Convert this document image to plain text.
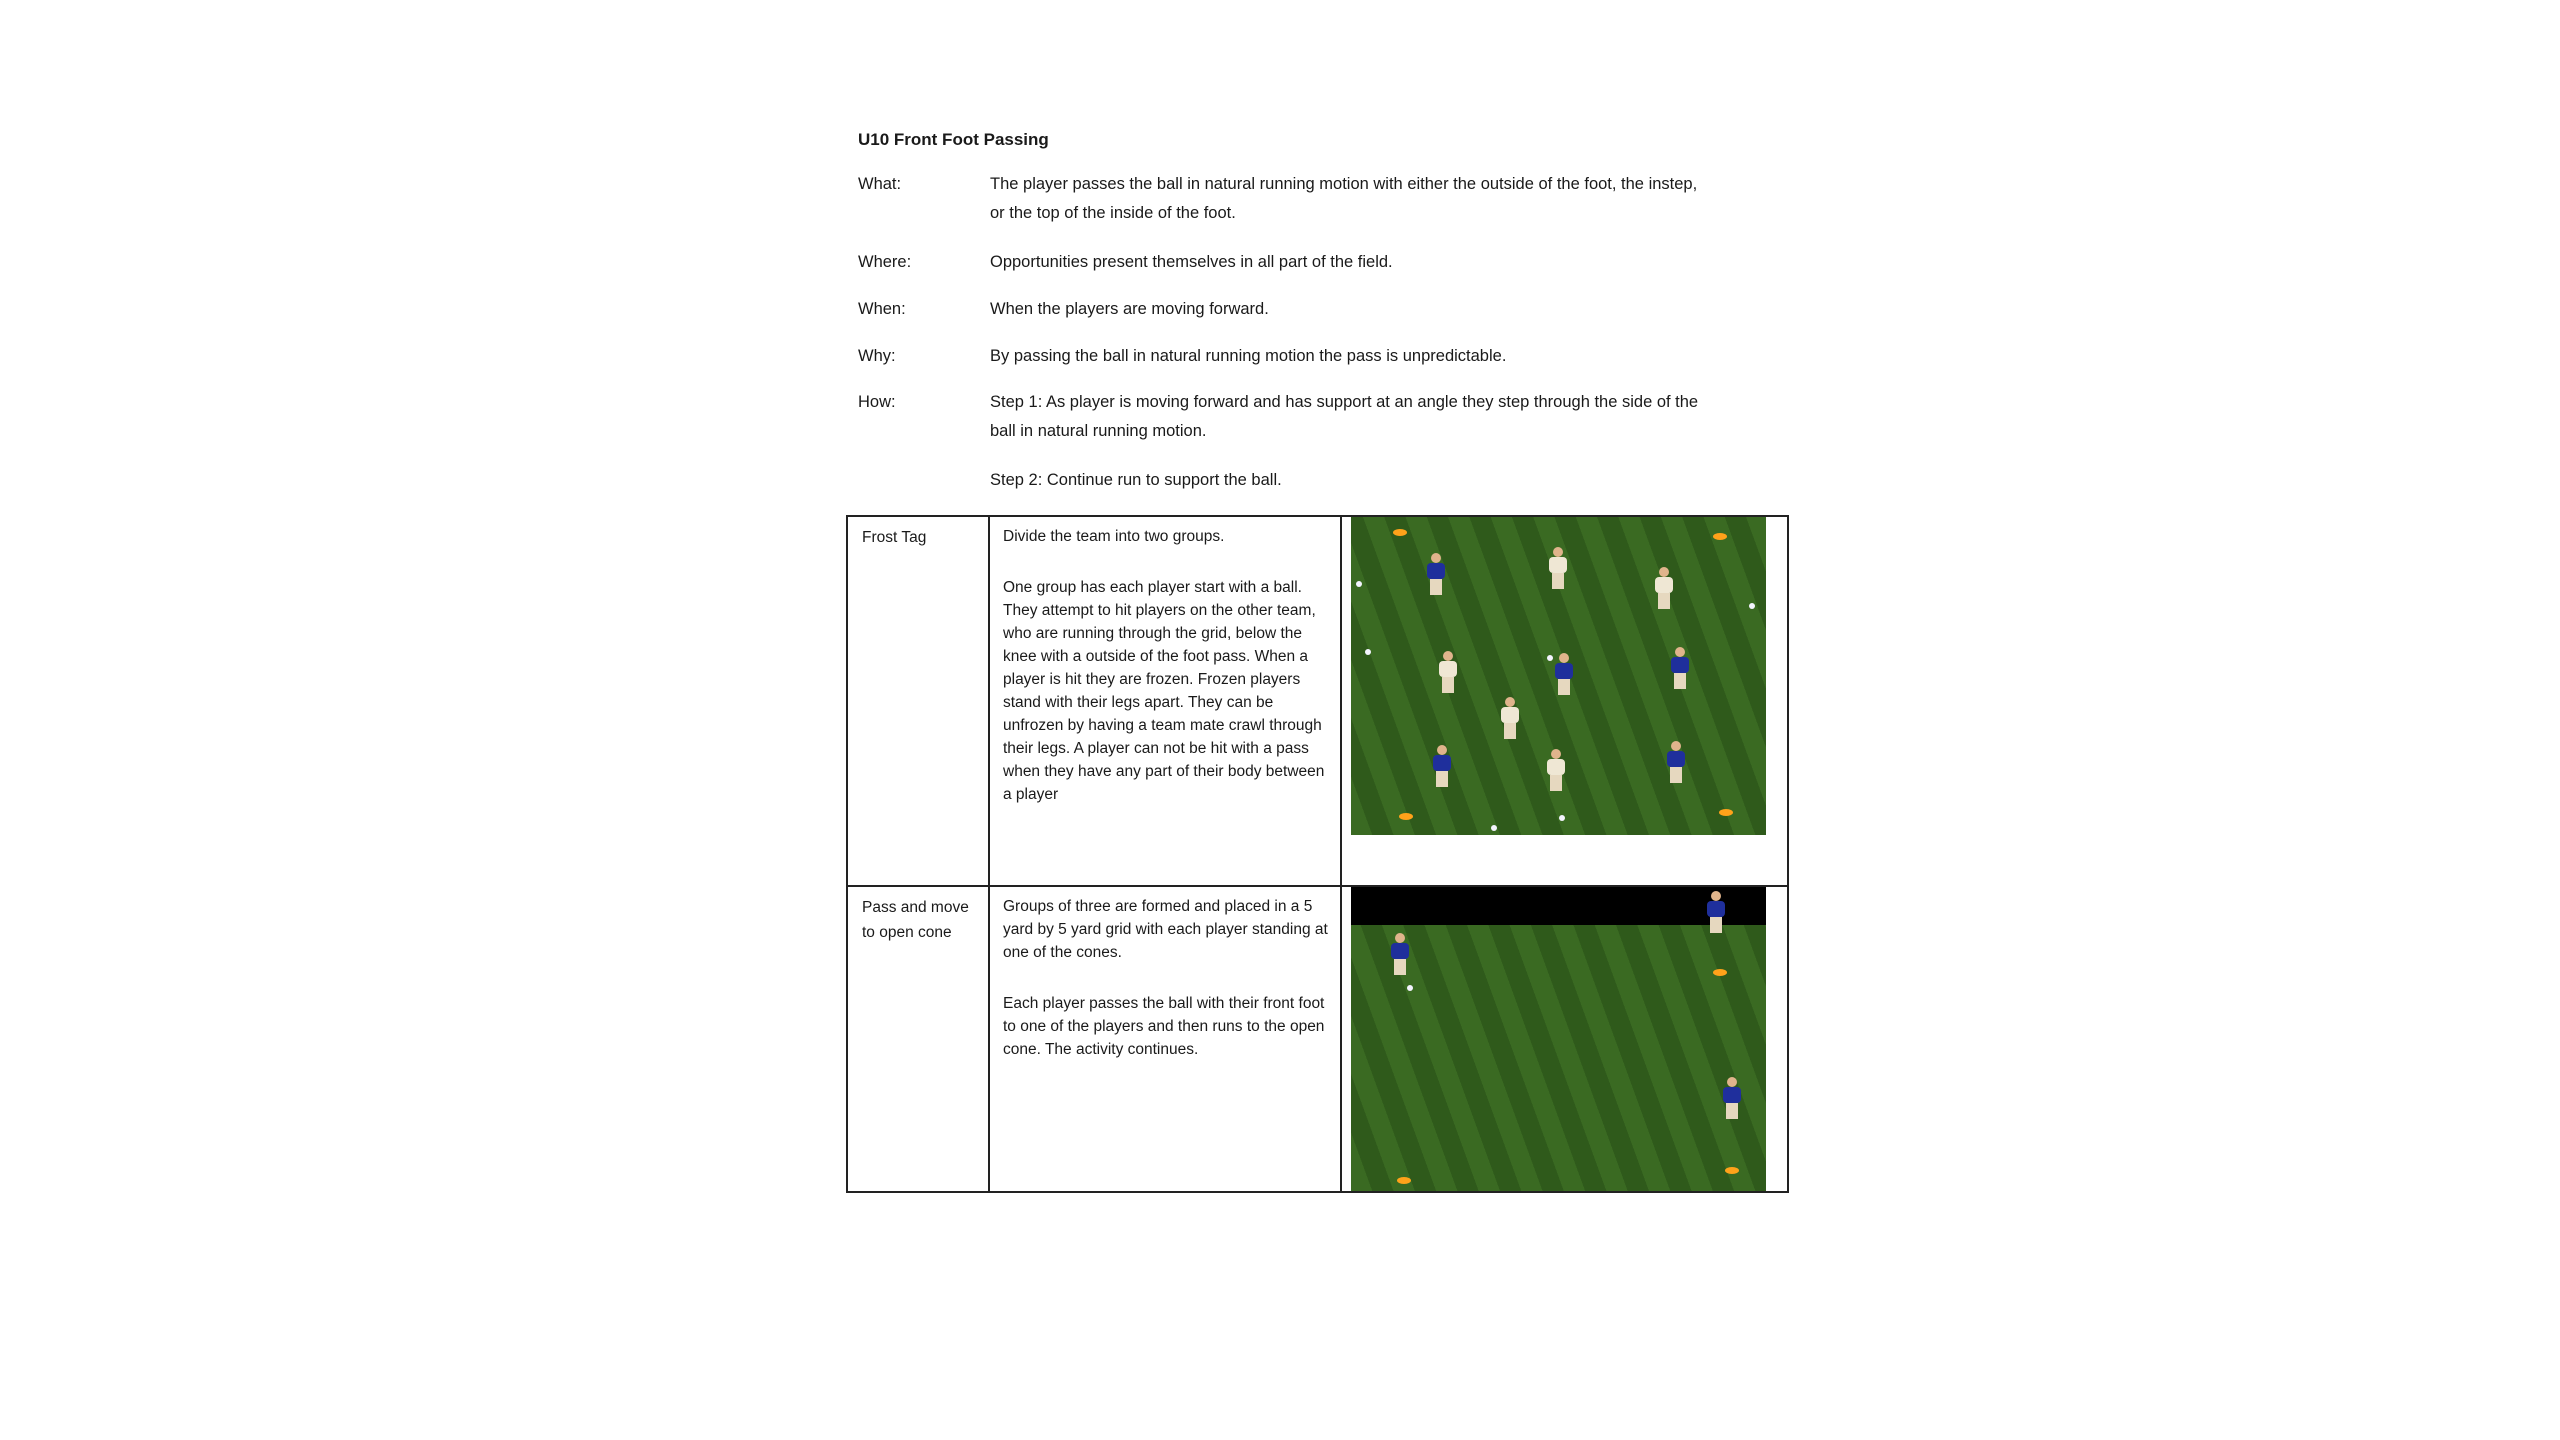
U10 Front Foot Passing
What:	The player passes the ball in natural running motion with either the outside of the foot, the instep, or the top of the inside of the foot.
Where:	Opportunities present themselves in all part of the field.
When:	When the players are moving forward.
Why:	By passing the ball in natural running motion the pass is unpredictable.
How:	Step 1: As player is moving forward and has support at an angle they step through the side of the ball in natural running motion.
Step 2: Continue run to support the ball.
Frost Tag	Divide the team into two groups.

One group has each player start with a ball. They attempt to hit players on the other team, who are running through the grid, below the knee with a outside of the foot pass. When a player is hit they are frozen. Frozen players stand with their legs apart. They can be unfrozen by having a team mate crawl through their legs. A player can not be hit with a pass when they have any part of their body between a player	

Pass and move to open cone	Groups of three are formed and placed in a 5 yard by 5 yard grid with each player standing at one of the cones.

Each player passes the ball with their front foot to one of the players and then runs to the open cone. The activity continues.	
